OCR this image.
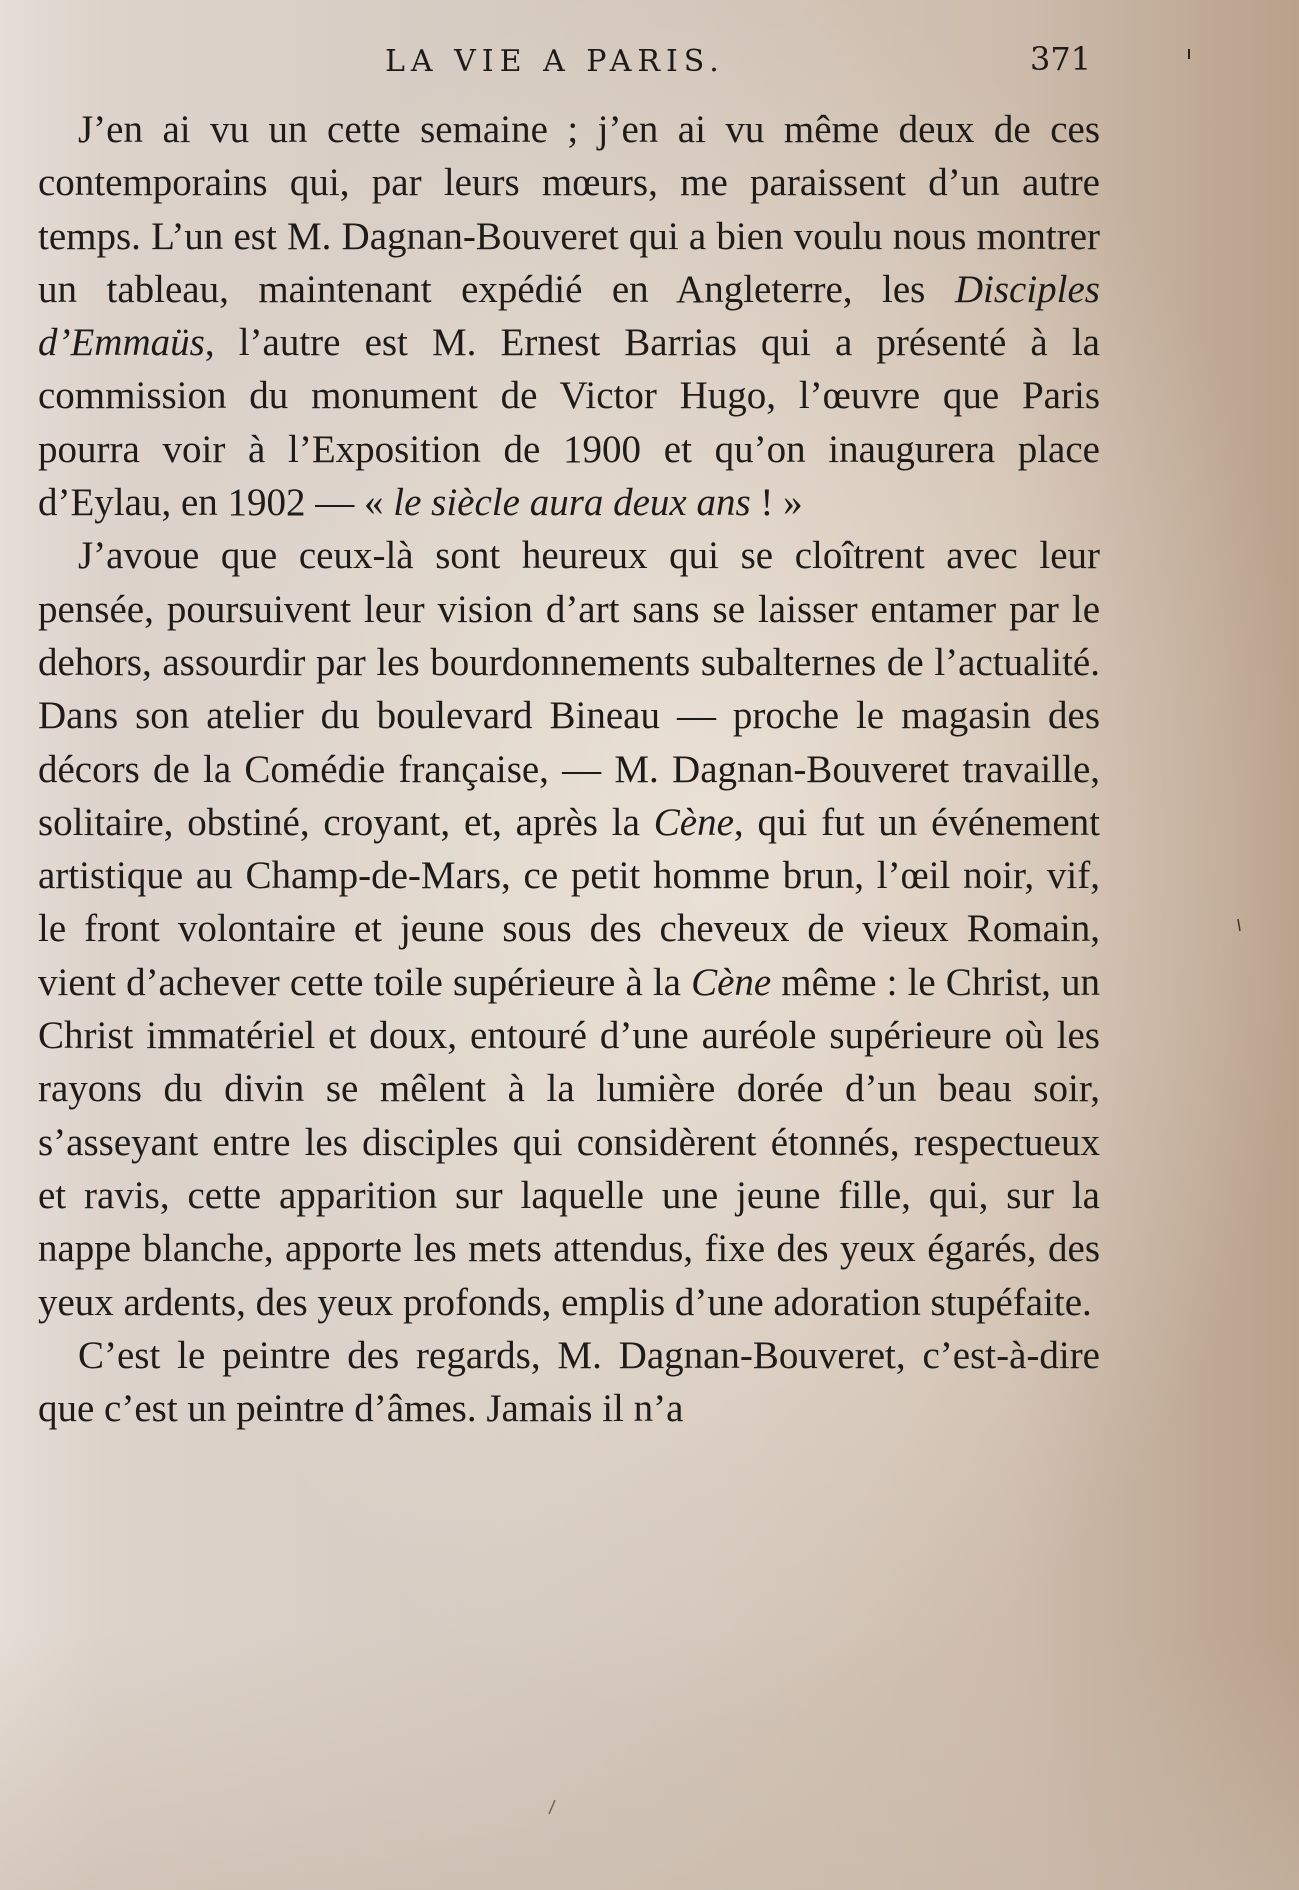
LA VIE A PARIS.	371

J’en ai vu un cette semaine ; j’en ai vu même deux de ces contemporains qui, par leurs mœurs, me paraissent d’un autre temps. L’un est M. Dagnan-Bouveret qui a bien voulu nous montrer un tableau, maintenant expédié en Angleterre, les Disciples d’Emmaüs, l’autre est M. Ernest Barrias qui a présenté à la commission du monument de Victor Hugo, l’œuvre que Paris pourra voir à l’Exposition de 1900 et qu’on inaugurera place d’Eylau, en 1902 — « le siècle aura deux ans ! »

J’avoue que ceux-là sont heureux qui se cloîtrent avec leur pensée, poursuivent leur vision d’art sans se laisser entamer par le dehors, assourdir par les bourdonnements subalternes de l’actualité. Dans son atelier du boulevard Bineau — proche le magasin des décors de la Comédie française, — M. Dagnan-Bouveret travaille, solitaire, obstiné, croyant, et, après la Cène, qui fut un événement artistique au Champ-de-Mars, ce petit homme brun, l’œil noir, vif, le front volontaire et jeune sous des cheveux de vieux Romain, vient d’achever cette toile supérieure à la Cène même : le Christ, un Christ immatériel et doux, entouré d’une auréole supérieure où les rayons du divin se mêlent à la lumière dorée d’un beau soir, s’asseyant entre les disciples qui considèrent étonnés, respectueux et ravis, cette apparition sur laquelle une jeune fille, qui, sur la nappe blanche, apporte les mets attendus, fixe des yeux égarés, des yeux ardents, des yeux profonds, emplis d’une adoration stupéfaite.

C’est le peintre des regards, M. Dagnan-Bouveret, c’est-à-dire que c’est un peintre d’âmes. Jamais il n’a
